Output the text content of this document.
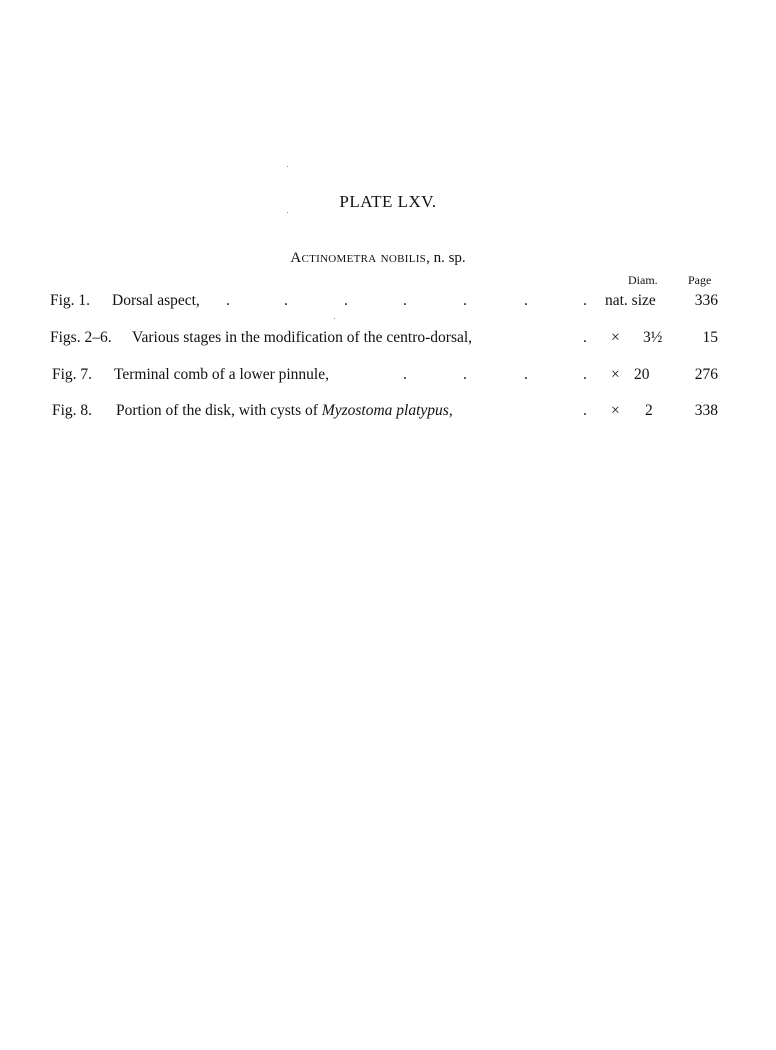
PLATE LXV.
Actinometra nobilis, n. sp.
Diam.	Page
Fig. 1. Dorsal aspect, .	.	.	.	.	.	. nat. size	336
Figs. 2–6. Various stages in the modification of the centro-dorsal,	. × 3½	15
Fig. 7. Terminal comb of a lower pinnule,	.	.	.	. × 20	276
Fig. 8. Portion of the disk, with cysts of Myzostoma platypus,	. × 2	338
